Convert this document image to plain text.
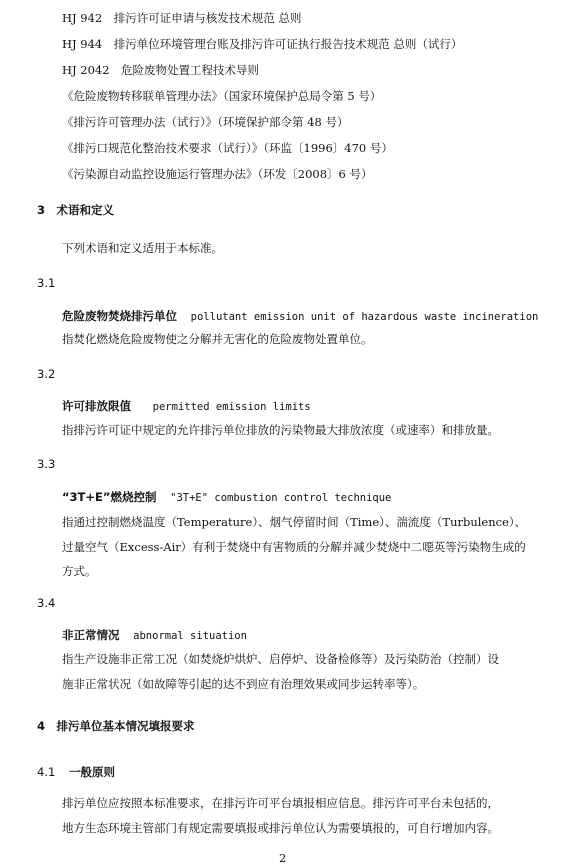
HJ 942　排污许可证申请与核发技术规范 总则
HJ 944　排污单位环境管理台账及排污许可证执行报告技术规范 总则（试行）
HJ 2042　危险废物处置工程技术导则
《危险废物转移联单管理办法》（国家环境保护总局令第 5 号）
《排污许可管理办法（试行）》（环境保护部令第 48 号）
《排污口规范化整治技术要求（试行）》（环监〔1996〕470 号）
《污染源自动监控设施运行管理办法》（环发〔2008〕6 号）
3　术语和定义
下列术语和定义适用于本标准。
3.1
危险废物焚烧排污单位 pollutant emission unit of hazardous waste incineration
指焚化燃烧危险废物使之分解并无害化的危险废物处置单位。
3.2
许可排放限值 permitted emission limits
指排污许可证中规定的允许排污单位排放的污染物最大排放浓度（或速率）和排放量。
3.3
“3T+E”燃烧控制 "3T+E" combustion control technique
指通过控制燃烧温度（Temperature）、烟气停留时间（Time）、湍流度（Turbulence）、
过量空气（Excess-Air）有利于焚烧中有害物质的分解并减少焚烧中二噁英等污染物生成的
方式。
3.4
非正常情况 abnormal situation
指生产设施非正常工况（如焚烧炉烘炉、启停炉、设备检修等）及污染防治（控制）设
施非正常状况（如故障等引起的达不到应有治理效果或同步运转率等）。
4　排污单位基本情况填报要求
4.1 一般原则
排污单位应按照本标准要求，在排污许可平台填报相应信息。排污许可平台未包括的，
地方生态环境主管部门有规定需要填报或排污单位认为需要填报的，可自行增加内容。
2
